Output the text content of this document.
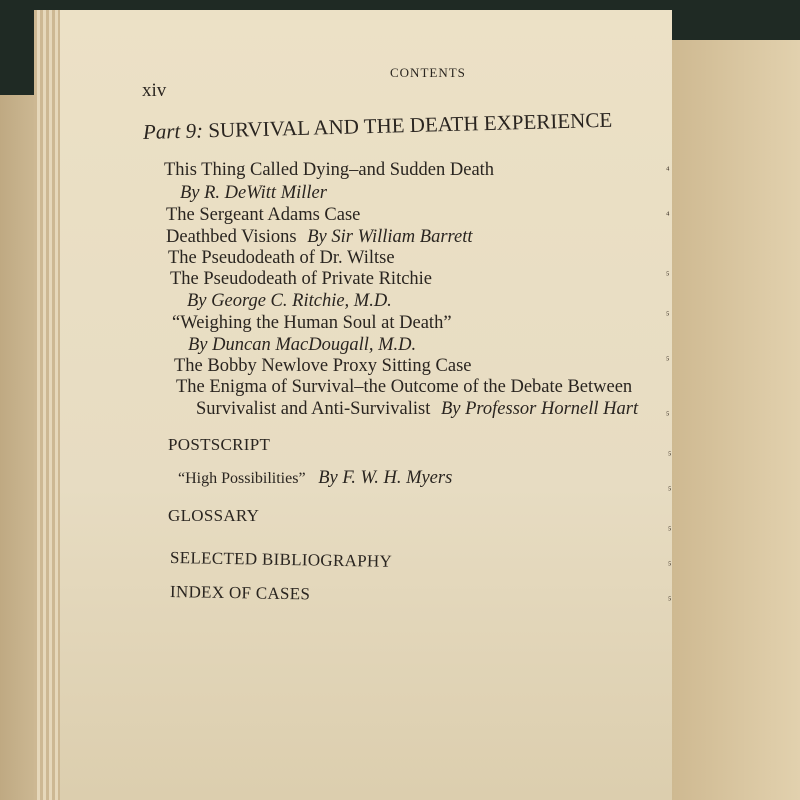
xiv
CONTENTS
Part 9: SURVIVAL AND THE DEATH EXPERIENCE
This Thing Called Dying–and Sudden Death
By R. DeWitt Miller
The Sergeant Adams Case
Deathbed Visions By Sir William Barrett
The Pseudodeath of Dr. Wiltse
The Pseudodeath of Private Ritchie
By George C. Ritchie, M.D.
“Weighing the Human Soul at Death”
By Duncan MacDougall, M.D.
The Bobby Newlove Proxy Sitting Case
The Enigma of Survival–the Outcome of the Debate Between
Survivalist and Anti-Survivalist By Professor Hornell Hart
POSTSCRIPT
“High Possibilities” By F. W. H. Myers
GLOSSARY
SELECTED BIBLIOGRAPHY
INDEX OF CASES
⁴
⁴
⁵
⁵
⁵
⁵
⁵
⁵
⁵
⁵
⁵
